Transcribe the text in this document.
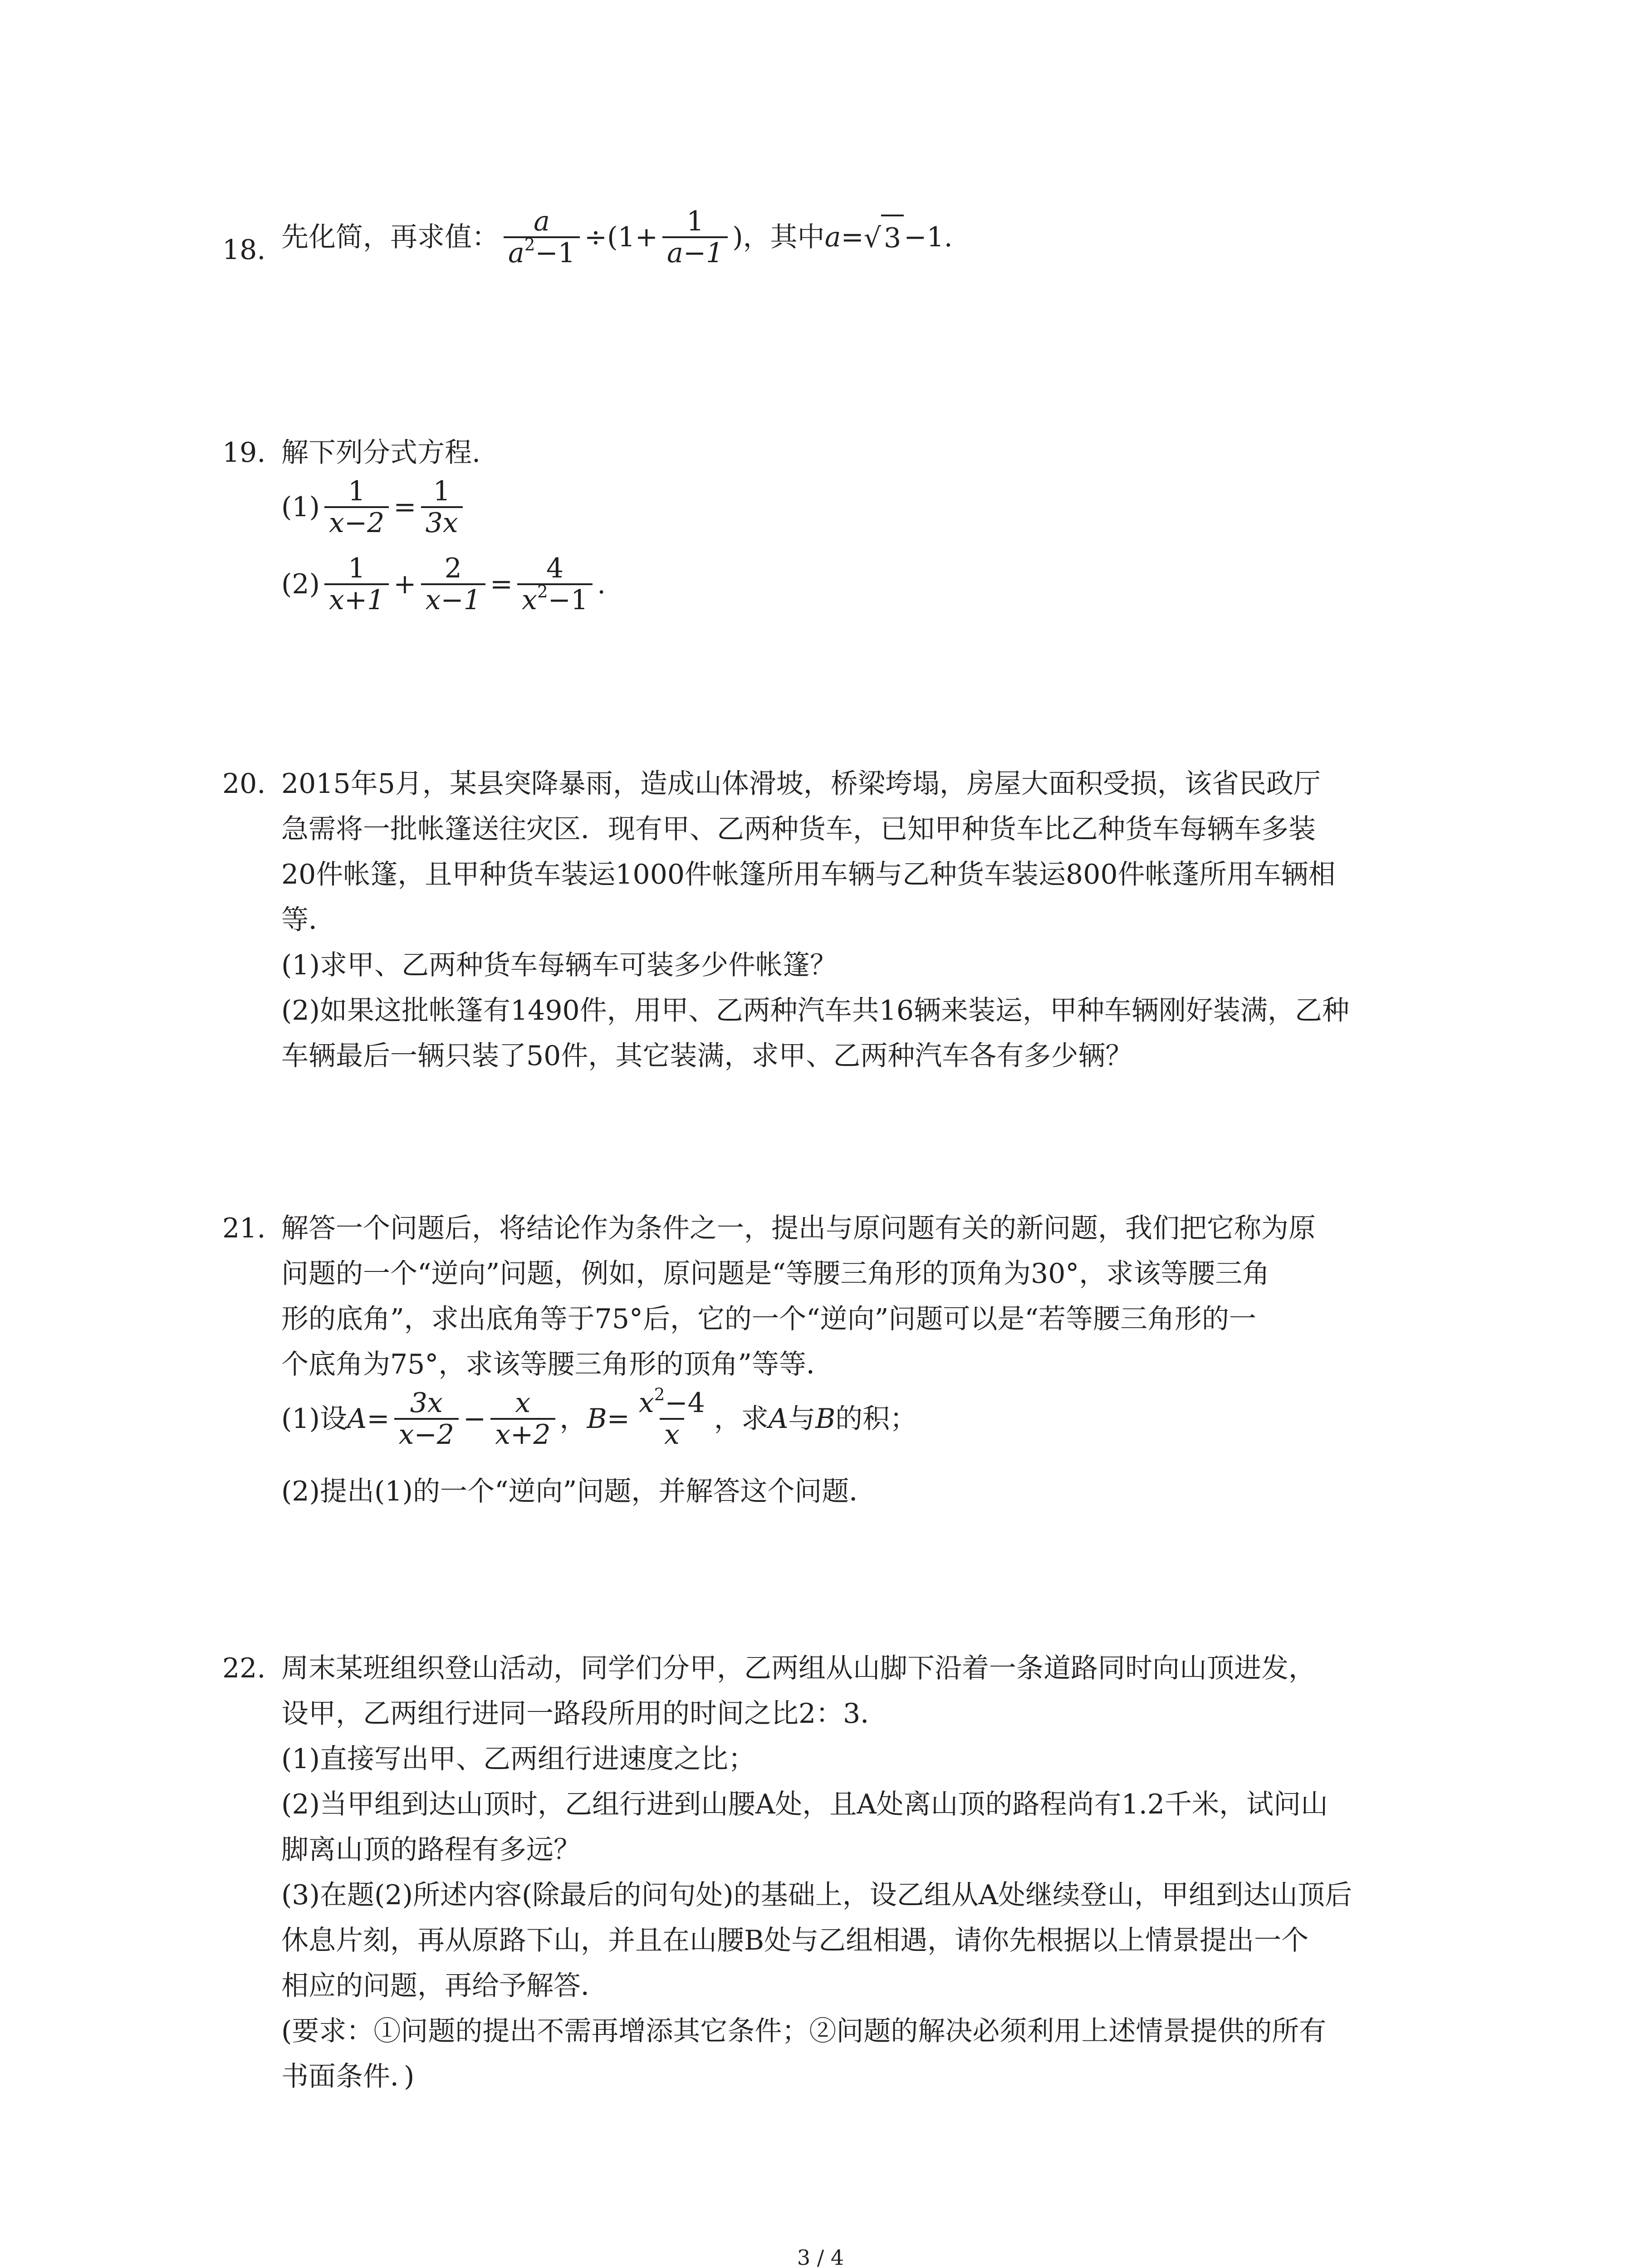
18. 先化简，再求值： $\frac{a}{a^2-1} \div(1+ \frac{1}{a-1}$ )，其中 a = √ 3 −1.
19. 解下列分式方程.
$(1) \frac{1}{x-2} = \frac{1}{3x}$
$(2) \frac{1}{x+1} + \frac{2}{x-1} = \frac{4}{x^2-1}$ .
20. 2015年5月，某县突降暴雨，造成山体滑坡，桥梁垮塌，房屋大面积受损，该省民政厅
急需将一批帐篷送往灾区．现有甲、乙两种货车，已知甲种货车比乙种货车每辆车多装
20件帐篷，且甲种货车装运1000件帐篷所用车辆与乙种货车装运800件帐蓬所用车辆相
等．
(1)求甲、乙两种货车每辆车可装多少件帐篷？
(2)如果这批帐篷有1490件，用甲、乙两种汽车共16辆来装运，甲种车辆刚好装满，乙种
车辆最后一辆只装了50件，其它装满，求甲、乙两种汽车各有多少辆？
21. 解答一个问题后，将结论作为条件之一，提出与原问题有关的新问题，我们把它称为原
问题的一个“逆向”问题，例如，原问题是“等腰三角形的顶角为30°，求该等腰三角
形的底角”，求出底角等于75°后，它的一个“逆向”问题可以是“若等腰三角形的一
个底角为75°，求该等腰三角形的顶角”等等．
(1)设 $A = \frac{3x}{x-2} - \frac{x}{x+2}$ ， $B = \frac{x^2-4}{x}$ ，求 A 与 B 的积；
(2)提出(1)的一个“逆向”问题，并解答这个问题．
22. 周末某班组织登山活动，同学们分甲，乙两组从山脚下沿着一条道路同时向山顶进发，
设甲，乙两组行进同一路段所用的时间之比2：3．
(1)直接写出甲、乙两组行进速度之比；
(2)当甲组到达山顶时，乙组行进到山腰A处，且A处离山顶的路程尚有1.2千米，试问山
脚离山顶的路程有多远？
(3)在题(2)所述内容(除最后的问句处)的基础上，设乙组从A处继续登山，甲组到达山顶后
休息片刻，再从原路下山，并且在山腰B处与乙组相遇，请你先根据以上情景提出一个
相应的问题，再给予解答．
(要求：①问题的提出不需再增添其它条件；②问题的解决必须利用上述情景提供的所有
书面条件．)
3 / 4
